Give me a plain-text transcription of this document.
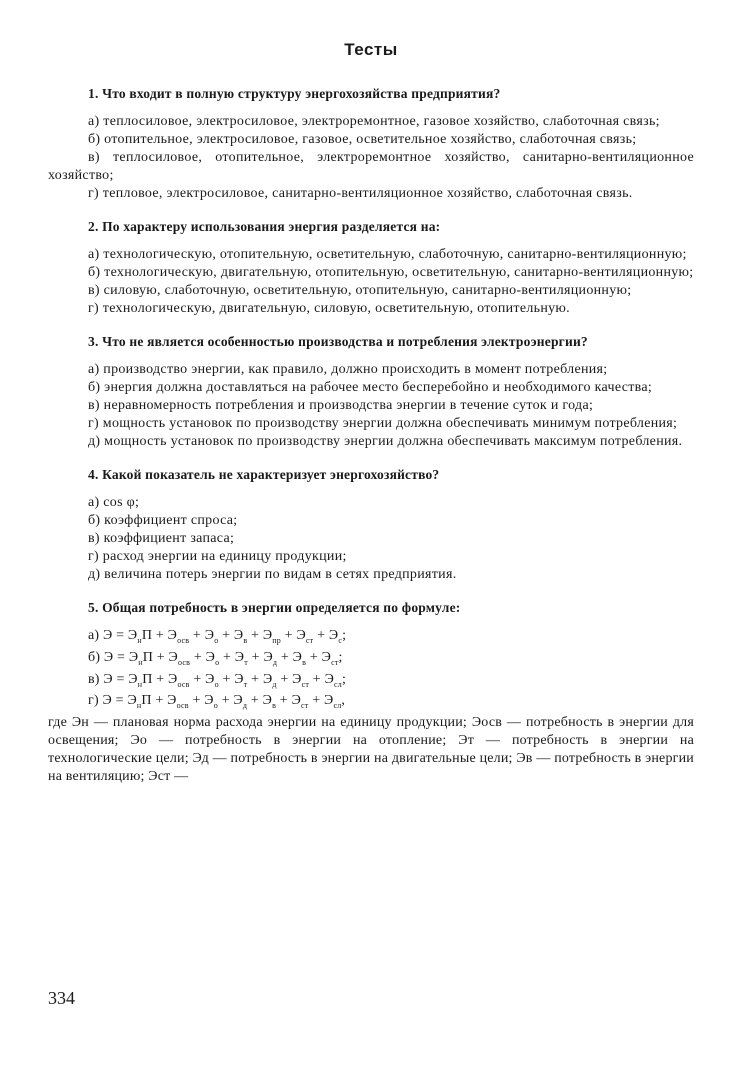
Тесты

1. Что входит в полную структуру энергохозяйства предприятия?

а) теплосиловое, электросиловое, электроремонтное, газовое хозяйство, слаботочная связь;

б) отопительное, электросиловое, газовое, осветительное хозяйство, слаботочная связь;

в) теплосиловое, отопительное, электроремонтное хозяйство, санитарно-вентиляционное хозяйство;

г) тепловое, электросиловое, санитарно-вентиляционное хозяйство, слаботочная связь.

2. По характеру использования энергия разделяется на:

а) технологическую, отопительную, осветительную, слаботочную, санитарно-вентиляционную;

б) технологическую, двигательную, отопительную, осветительную, санитарно-вентиляционную;

в) силовую, слаботочную, осветительную, отопительную, санитарно-вентиляционную;

г) технологическую, двигательную, силовую, осветительную, отопительную.

3. Что не является особенностью производства и потребления электроэнергии?

а) производство энергии, как правило, должно происходить в момент потребления;

б) энергия должна доставляться на рабочее место бесперебойно и необходимого качества;

в) неравномерность потребления и производства энергии в течение суток и года;

г) мощность установок по производству энергии должна обеспечивать минимум потребления;

д) мощность установок по производству энергии должна обеспечивать максимум потребления.

4. Какой показатель не характеризует энергохозяйство?

а) cos φ;

б) коэффициент спроса;

в) коэффициент запаса;

г) расход энергии на единицу продукции;

д) величина потерь энергии по видам в сетях предприятия.

5. Общая потребность в энергии определяется по формуле:

а) $Э = Э_нП + Э_{осв} + Э_о + Э_в + Э_{пр} + Э_{ст} + Э_с$;

б) $Э = Э_нП + Э_{осв} + Э_о + Э_т + Э_д + Э_в + Э_{ст}$;

в) $Э = Э_нП + Э_{осв} + Э_о + Э_т + Э_д + Э_{ст} + Э_{сл}$;

г) $Э = Э_нП + Э_{осв} + Э_о + Э_д + Э_в + Э_{ст} + Э_{сл}$,

где Эн — плановая норма расхода энергии на единицу продукции; Эосв — потребность в энергии для освещения; Эо — потребность в энергии на отопление; Эт — потребность в энергии на технологические цели; Эд — потребность в энергии на двигательные цели; Эв — потребность в энергии на вентиляцию; Эст —

334
